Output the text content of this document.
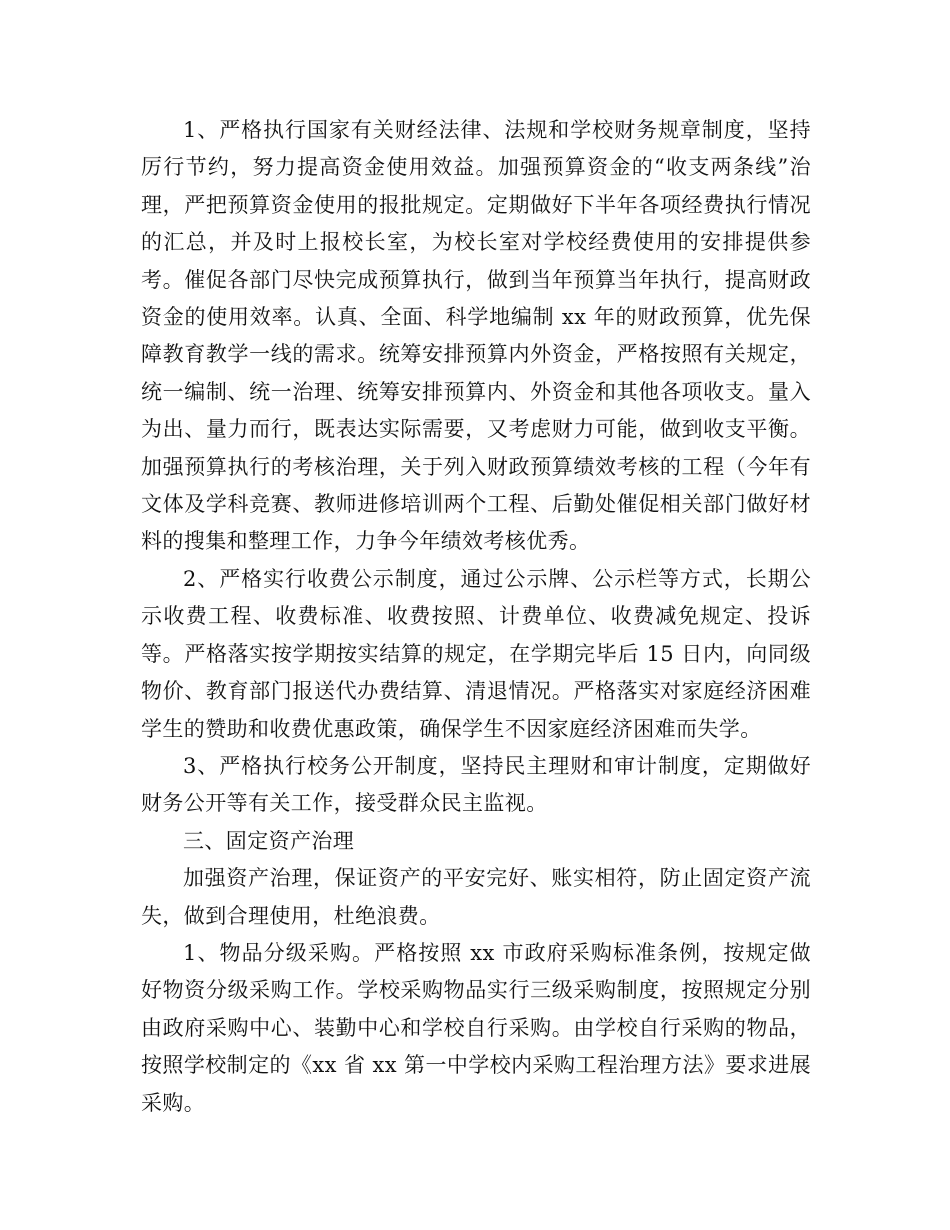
1、严格执行国家有关财经法律、法规和学校财务规章制度，坚持厉行节约，努力提高资金使用效益。加强预算资金的“收支两条线”治理，严把预算资金使用的报批规定。定期做好下半年各项经费执行情况的汇总，并及时上报校长室，为校长室对学校经费使用的安排提供参考。催促各部门尽快完成预算执行，做到当年预算当年执行，提高财政资金的使用效率。认真、全面、科学地编制 xx 年的财政预算，优先保障教育教学一线的需求。统筹安排预算内外资金，严格按照有关规定，统一编制、统一治理、统筹安排预算内、外资金和其他各项收支。量入为出、量力而行，既表达实际需要，又考虑财力可能，做到收支平衡。加强预算执行的考核治理，关于列入财政预算绩效考核的工程（今年有文体及学科竞赛、教师进修培训两个工程、后勤处催促相关部门做好材料的搜集和整理工作，力争今年绩效考核优秀。

2、严格实行收费公示制度，通过公示牌、公示栏等方式，长期公示收费工程、收费标准、收费按照、计费单位、收费减免规定、投诉等。严格落实按学期按实结算的规定，在学期完毕后 15 日内，向同级物价、教育部门报送代办费结算、清退情况。严格落实对家庭经济困难学生的赞助和收费优惠政策，确保学生不因家庭经济困难而失学。

3、严格执行校务公开制度，坚持民主理财和审计制度，定期做好财务公开等有关工作，接受群众民主监视。

三、固定资产治理

加强资产治理，保证资产的平安完好、账实相符，防止固定资产流失，做到合理使用，杜绝浪费。

1、物品分级采购。严格按照 xx 市政府采购标准条例，按规定做好物资分级采购工作。学校采购物品实行三级采购制度，按照规定分别由政府采购中心、装勤中心和学校自行采购。由学校自行采购的物品，按照学校制定的《xx 省 xx 第一中学校内采购工程治理方法》要求进展采购。
